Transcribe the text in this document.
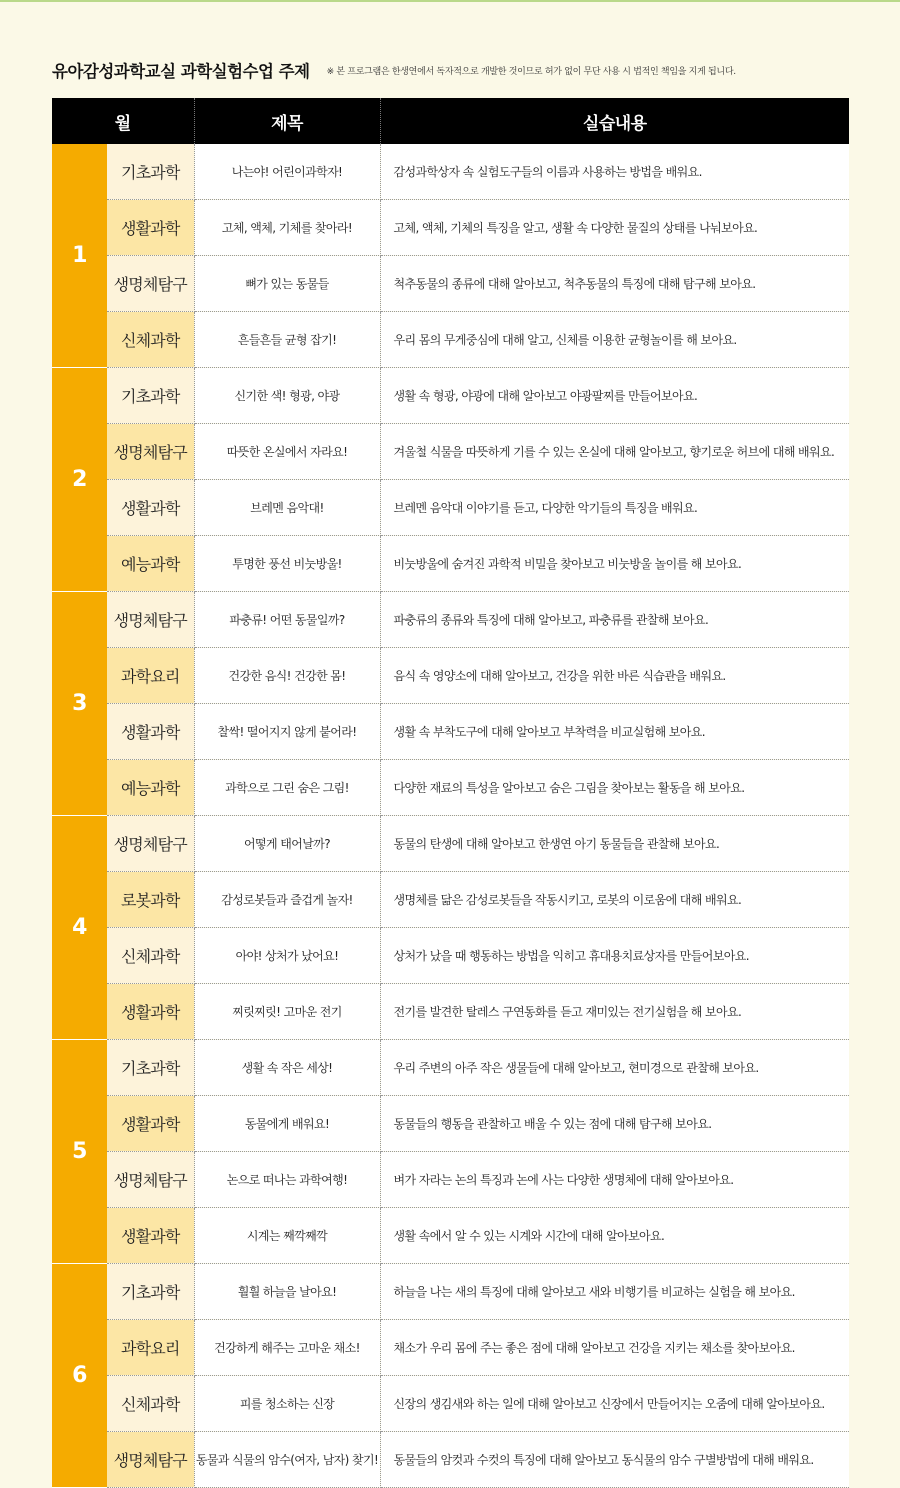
유아감성과학교실 과학실험수업 주제 ※ 본 프로그램은 한생연에서 독자적으로 개발한 것이므로 허가 없이 무단 사용 시 법적인 책임을 지게 됩니다.
월		제목	실습내용
1	기초과학	나는야! 어린이과학자!	감성과학상자 속 실험도구들의 이름과 사용하는 방법을 배워요.
	생활과학	고체, 액체, 기체를 찾아라!	고체, 액체, 기체의 특징을 알고, 생활 속 다양한 물질의 상태를 나눠보아요.
	생명체탐구	뼈가 있는 동물들	척추동물의 종류에 대해 알아보고, 척추동물의 특징에 대해 탐구해 보아요.
	신체과학	흔들흔들 균형 잡기!	우리 몸의 무게중심에 대해 알고, 신체를 이용한 균형놀이를 해 보아요.
2	기초과학	신기한 색! 형광, 야광	생활 속 형광, 야광에 대해 알아보고 야광팔찌를 만들어보아요.
	생명체탐구	따뜻한 온실에서 자라요!	겨울철 식물을 따뜻하게 기를 수 있는 온실에 대해 알아보고, 향기로운 허브에 대해 배워요.
	생활과학	브레멘 음악대!	브레멘 음악대 이야기를 듣고, 다양한 악기들의 특징을 배워요.
	예능과학	투명한 풍선 비눗방울!	비눗방울에 숨겨진 과학적 비밀을 찾아보고 비눗방울 놀이를 해 보아요.
3	생명체탐구	파충류! 어떤 동물일까?	파충류의 종류와 특징에 대해 알아보고, 파충류를 관찰해 보아요.
	과학요리	건강한 음식! 건강한 몸!	음식 속 영양소에 대해 알아보고, 건강을 위한 바른 식습관을 배워요.
	생활과학	찰싹! 떨어지지 않게 붙어라!	생활 속 부착도구에 대해 알아보고 부착력을 비교실험해 보아요.
	예능과학	과학으로 그린 숨은 그림!	다양한 재료의 특성을 알아보고 숨은 그림을 찾아보는 활동을 해 보아요.
4	생명체탐구	어떻게 태어날까?	동물의 탄생에 대해 알아보고 한생연 아기 동물들을 관찰해 보아요.
	로봇과학	감성로봇들과 즐겁게 놀자!	생명체를 닮은 감성로봇들을 작동시키고, 로봇의 이로움에 대해 배워요.
	신체과학	아야! 상처가 났어요!	상처가 났을 때 행동하는 방법을 익히고 휴대용치료상자를 만들어보아요.
	생활과학	찌릿찌릿! 고마운 전기	전기를 발견한 탈레스 구연동화를 듣고 재미있는 전기실험을 해 보아요.
5	기초과학	생활 속 작은 세상!	우리 주변의 아주 작은 생물들에 대해 알아보고, 현미경으로 관찰해 보아요.
	생활과학	동물에게 배워요!	동물들의 행동을 관찰하고 배울 수 있는 점에 대해 탐구해 보아요.
	생명체탐구	논으로 떠나는 과학여행!	벼가 자라는 논의 특징과 논에 사는 다양한 생명체에 대해 알아보아요.
	생활과학	시계는 째깍째깍	생활 속에서 알 수 있는 시계와 시간에 대해 알아보아요.
6	기초과학	훨훨 하늘을 날아요!	하늘을 나는 새의 특징에 대해 알아보고 새와 비행기를 비교하는 실험을 해 보아요.
	과학요리	건강하게 해주는 고마운 채소!	채소가 우리 몸에 주는 좋은 점에 대해 알아보고 건강을 지키는 채소를 찾아보아요.
	신체과학	피를 청소하는 신장	신장의 생김새와 하는 일에 대해 알아보고 신장에서 만들어지는 오줌에 대해 알아보아요.
	생명체탐구	동물과 식물의 암수(여자, 남자) 찾기!	동물들의 암컷과 수컷의 특징에 대해 알아보고 동식물의 암수 구별방법에 대해 배워요.
